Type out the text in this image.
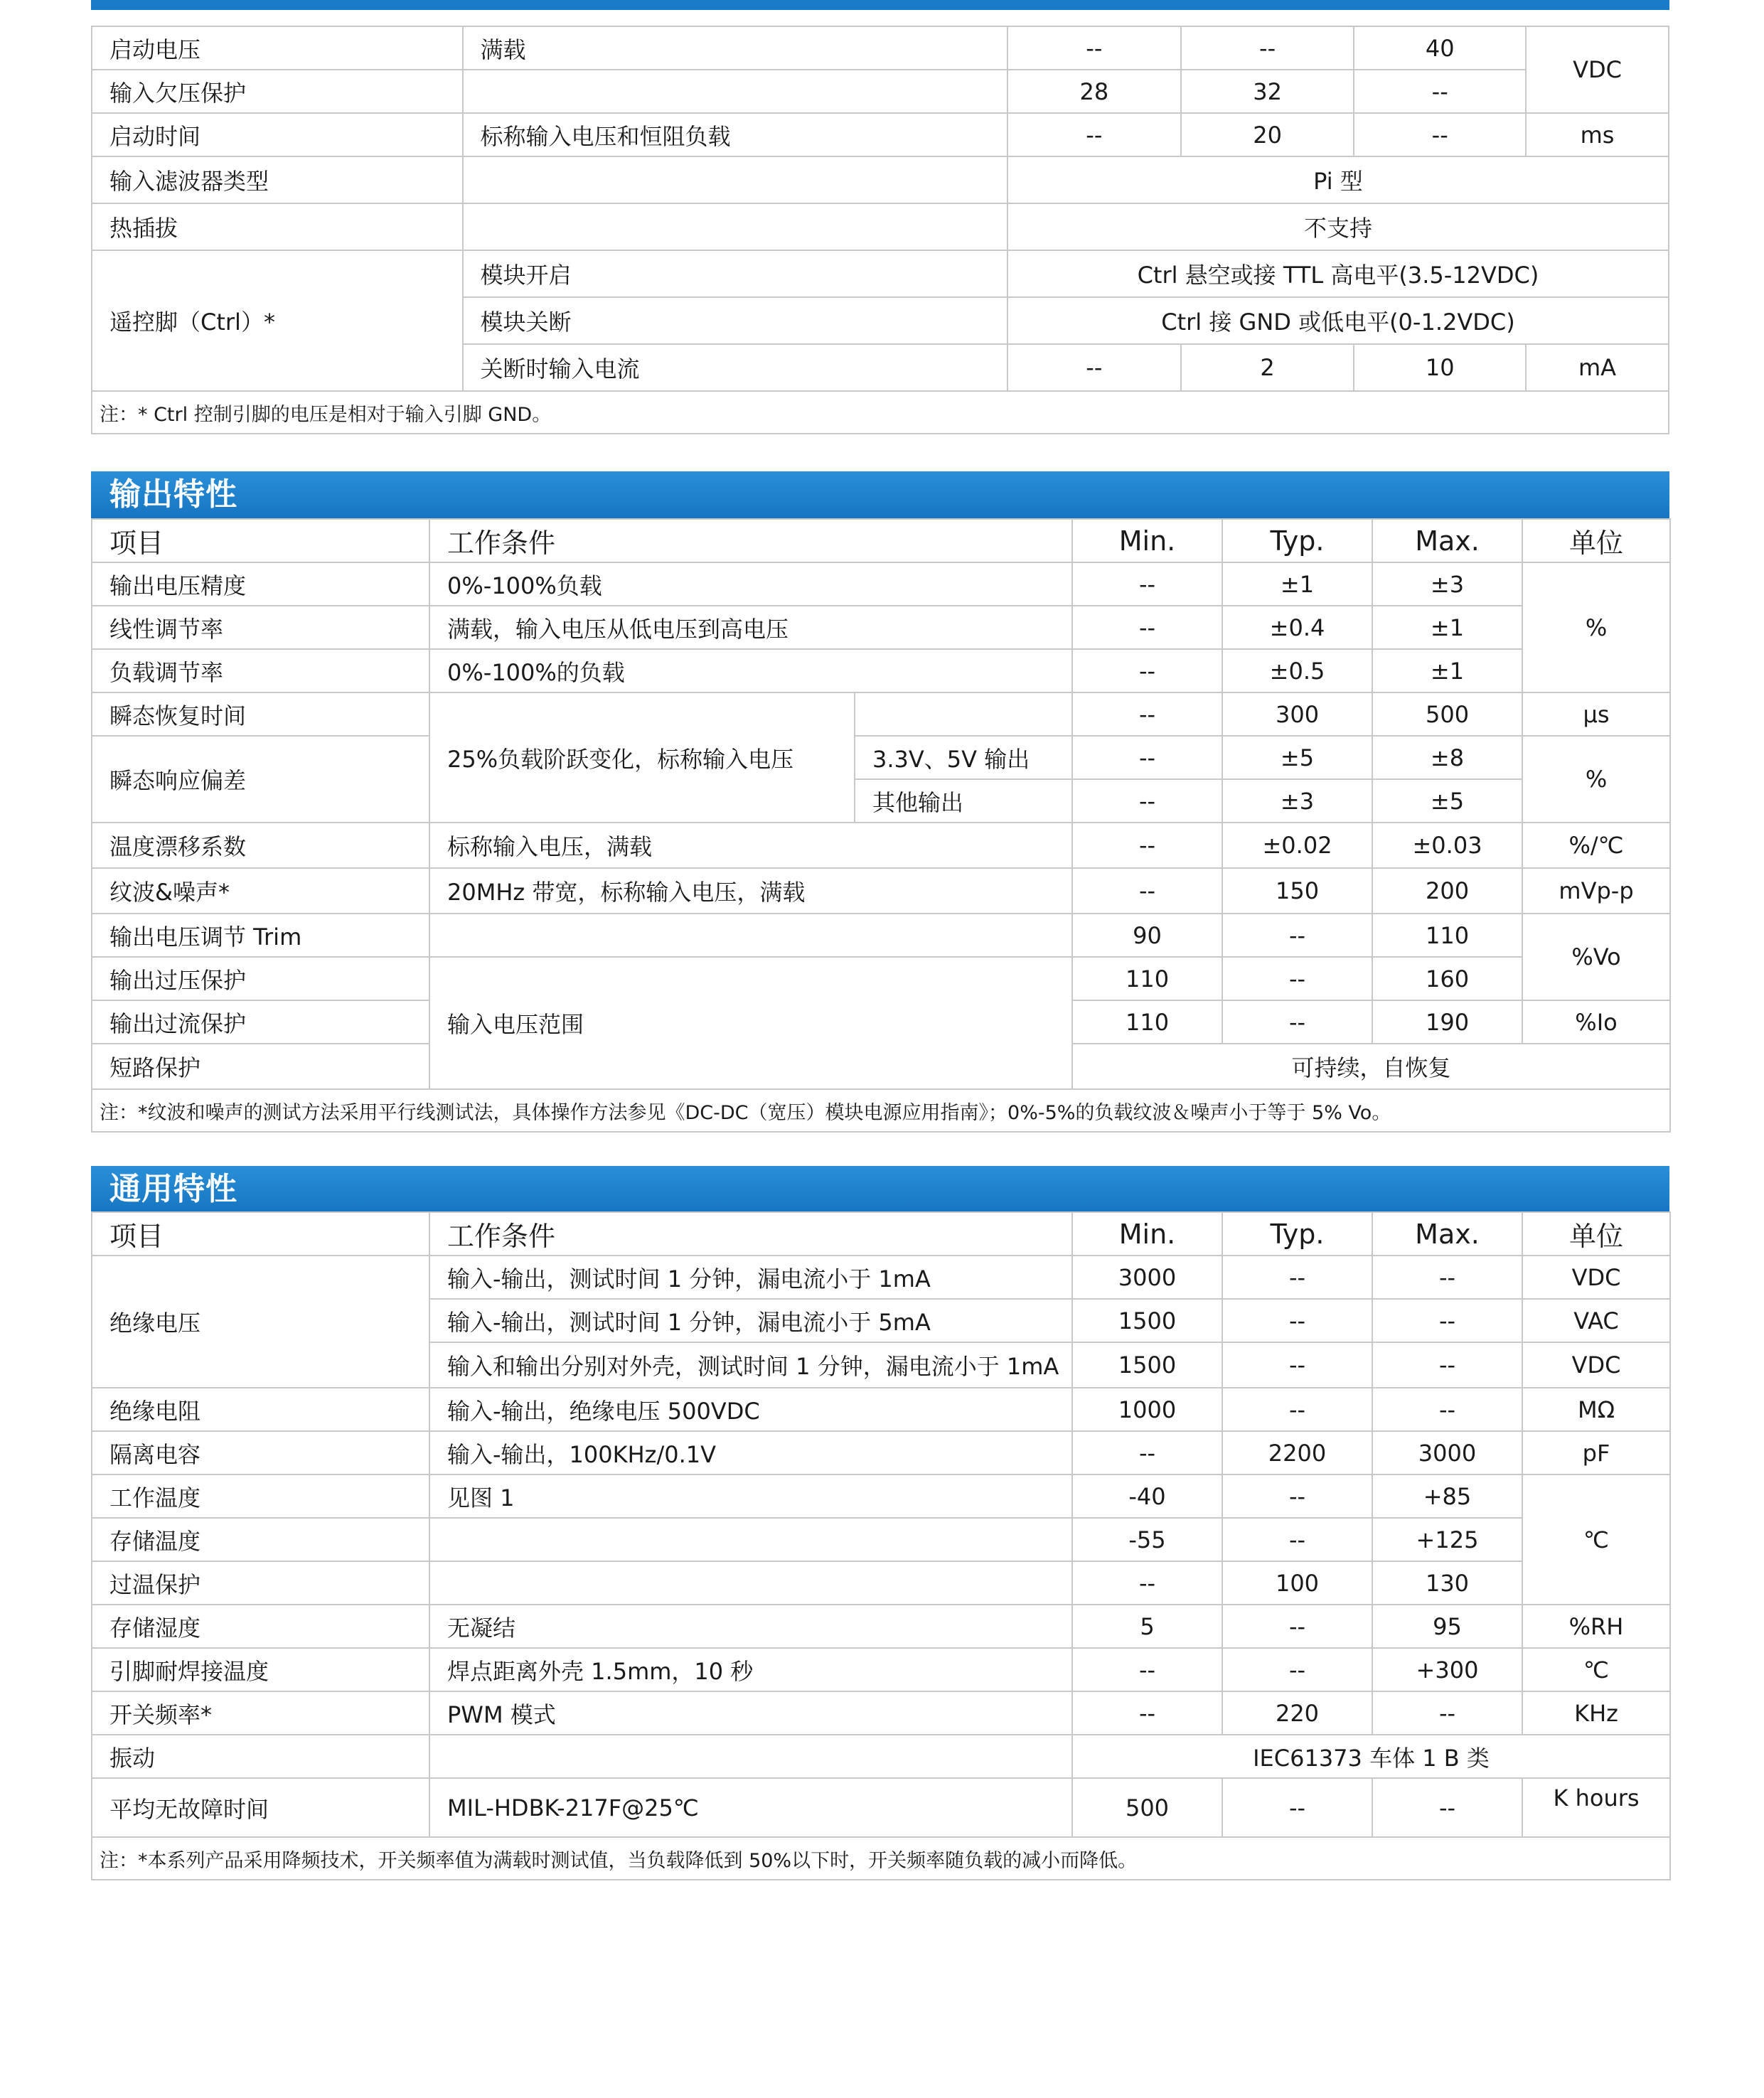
启动电压	满载	--	--	40	VDC
输入欠压保护		28	32	--	
启动时间	标称输入电压和恒阻负载	--	20	--	ms
输入滤波器类型		Pi 型			
热插拔		不支持			
遥控脚（Ctrl）*	模块开启	Ctrl 悬空或接 TTL 高电平(3.5-12VDC)			
	模块关断	Ctrl 接 GND 或低电平(0-1.2VDC)			
	关断时输入电流	--	2	10	mA
注：* Ctrl 控制引脚的电压是相对于输入引脚 GND。					
输出特性
项目	工作条件		Min.	Typ.	Max.	单位
输出电压精度	0%-100%负载		--	±1	±3	%
线性调节率	满载，输入电压从低电压到高电压		--	±0.4	±1	
负载调节率	0%-100%的负载		--	±0.5	±1	
瞬态恢复时间	25%负载阶跃变化，标称输入电压		--	300	500	μs
瞬态响应偏差		3.3V、5V 输出	--	±5	±8	%
		其他输出	--	±3	±5	
温度漂移系数	标称输入电压，满载		--	±0.02	±0.03	%/℃
纹波&噪声*	20MHz 带宽，标称输入电压，满载		--	150	200	mVp-p
输出电压调节 Trim			90	--	110	%Vo
输出过压保护	输入电压范围		110	--	160	
输出过流保护			110	--	190	%Io
短路保护			可持续，自恢复			
注：*纹波和噪声的测试方法采用平行线测试法，具体操作方法参见《DC-DC（宽压）模块电源应用指南》；0%-5%的负载纹波＆噪声小于等于 5% Vo。						
通用特性
项目	工作条件	Min.	Typ.	Max.	单位
绝缘电压	输入-输出，测试时间 1 分钟，漏电流小于 1mA	3000	--	--	VDC
	输入-输出，测试时间 1 分钟，漏电流小于 5mA	1500	--	--	VAC
	输入和输出分别对外壳，测试时间 1 分钟，漏电流小于 1mA	1500	--	--	VDC
绝缘电阻	输入-输出，绝缘电压 500VDC	1000	--	--	MΩ
隔离电容	输入-输出，100KHz/0.1V	--	2200	3000	pF
工作温度	见图 1	-40	--	+85	℃
存储温度		-55	--	+125	
过温保护		--	100	130	
存储湿度	无凝结	5	--	95	%RH
引脚耐焊接温度	焊点距离外壳 1.5mm，10 秒	--	--	+300	℃
开关频率*	PWM 模式	--	220	--	KHz
振动		IEC61373 车体 1 B 类			
平均无故障时间	MIL-HDBK-217F@25℃	500	--	--	K hours
注：*本系列产品采用降频技术，开关频率值为满载时测试值，当负载降低到 50%以下时，开关频率随负载的减小而降低。					
